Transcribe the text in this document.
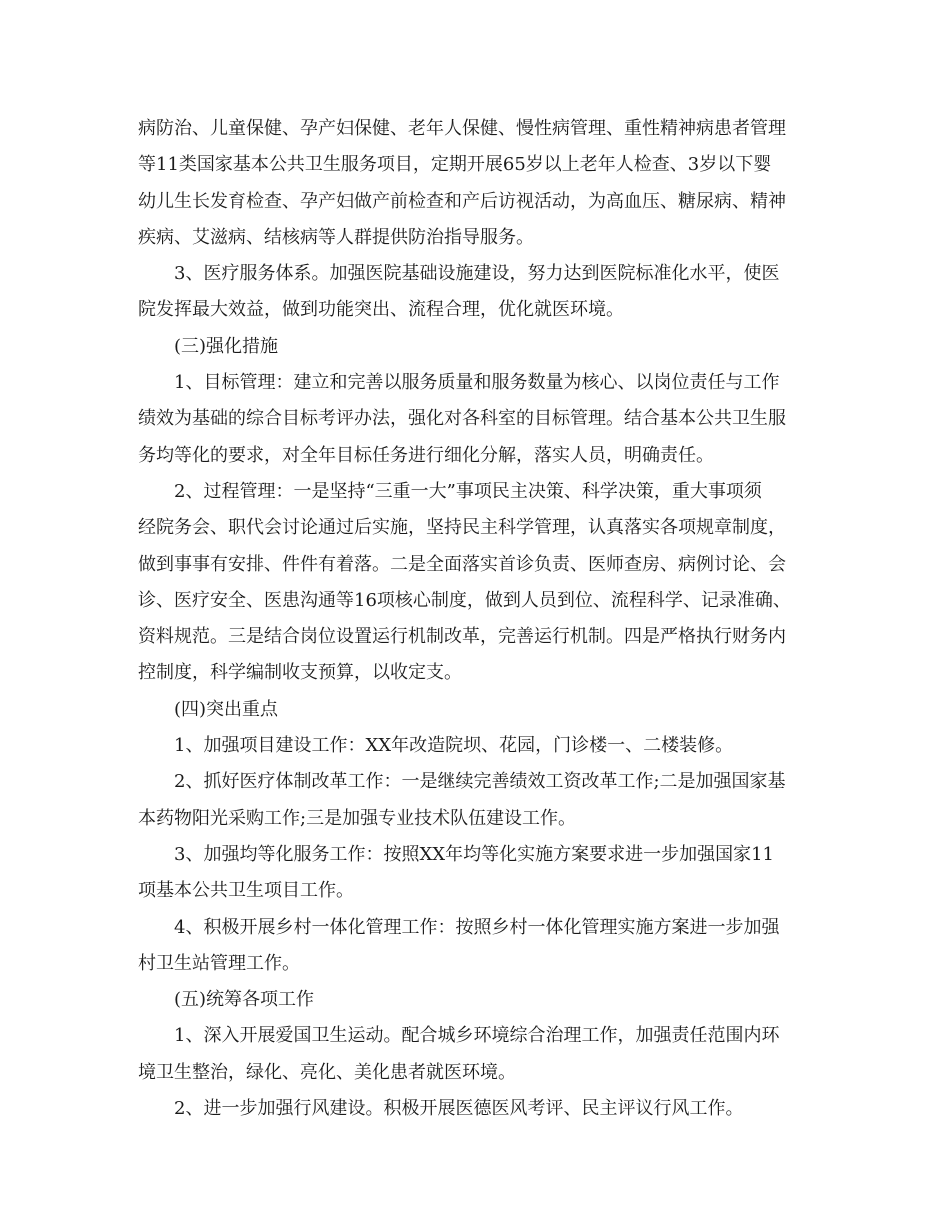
病防治、儿童保健、孕产妇保健、老年人保健、慢性病管理、重性精神病患者管理
等11类国家基本公共卫生服务项目，定期开展65岁以上老年人检查、3岁以下婴
幼儿生长发育检查、孕产妇做产前检查和产后访视活动，为高血压、糖尿病、精神
疾病、艾滋病、结核病等人群提供防治指导服务。
3、医疗服务体系。加强医院基础设施建设，努力达到医院标准化水平，使医
院发挥最大效益，做到功能突出、流程合理，优化就医环境。
(三)强化措施
1、目标管理：建立和完善以服务质量和服务数量为核心、以岗位责任与工作
绩效为基础的综合目标考评办法，强化对各科室的目标管理。结合基本公共卫生服
务均等化的要求，对全年目标任务进行细化分解，落实人员，明确责任。
2、过程管理：一是坚持“三重一大”事项民主决策、科学决策，重大事项须
经院务会、职代会讨论通过后实施，坚持民主科学管理，认真落实各项规章制度，
做到事事有安排、件件有着落。二是全面落实首诊负责、医师查房、病例讨论、会
诊、医疗安全、医患沟通等16项核心制度，做到人员到位、流程科学、记录准确、
资料规范。三是结合岗位设置运行机制改革，完善运行机制。四是严格执行财务内
控制度，科学编制收支预算，以收定支。
(四)突出重点
1、加强项目建设工作：XX年改造院坝、花园，门诊楼一、二楼装修。
2、抓好医疗体制改革工作：一是继续完善绩效工资改革工作;二是加强国家基
本药物阳光采购工作;三是加强专业技术队伍建设工作。
3、加强均等化服务工作：按照XX年均等化实施方案要求进一步加强国家11
项基本公共卫生项目工作。
4、积极开展乡村一体化管理工作：按照乡村一体化管理实施方案进一步加强
村卫生站管理工作。
(五)统筹各项工作
1、深入开展爱国卫生运动。配合城乡环境综合治理工作，加强责任范围内环
境卫生整治，绿化、亮化、美化患者就医环境。
2、进一步加强行风建设。积极开展医德医风考评、民主评议行风工作。
